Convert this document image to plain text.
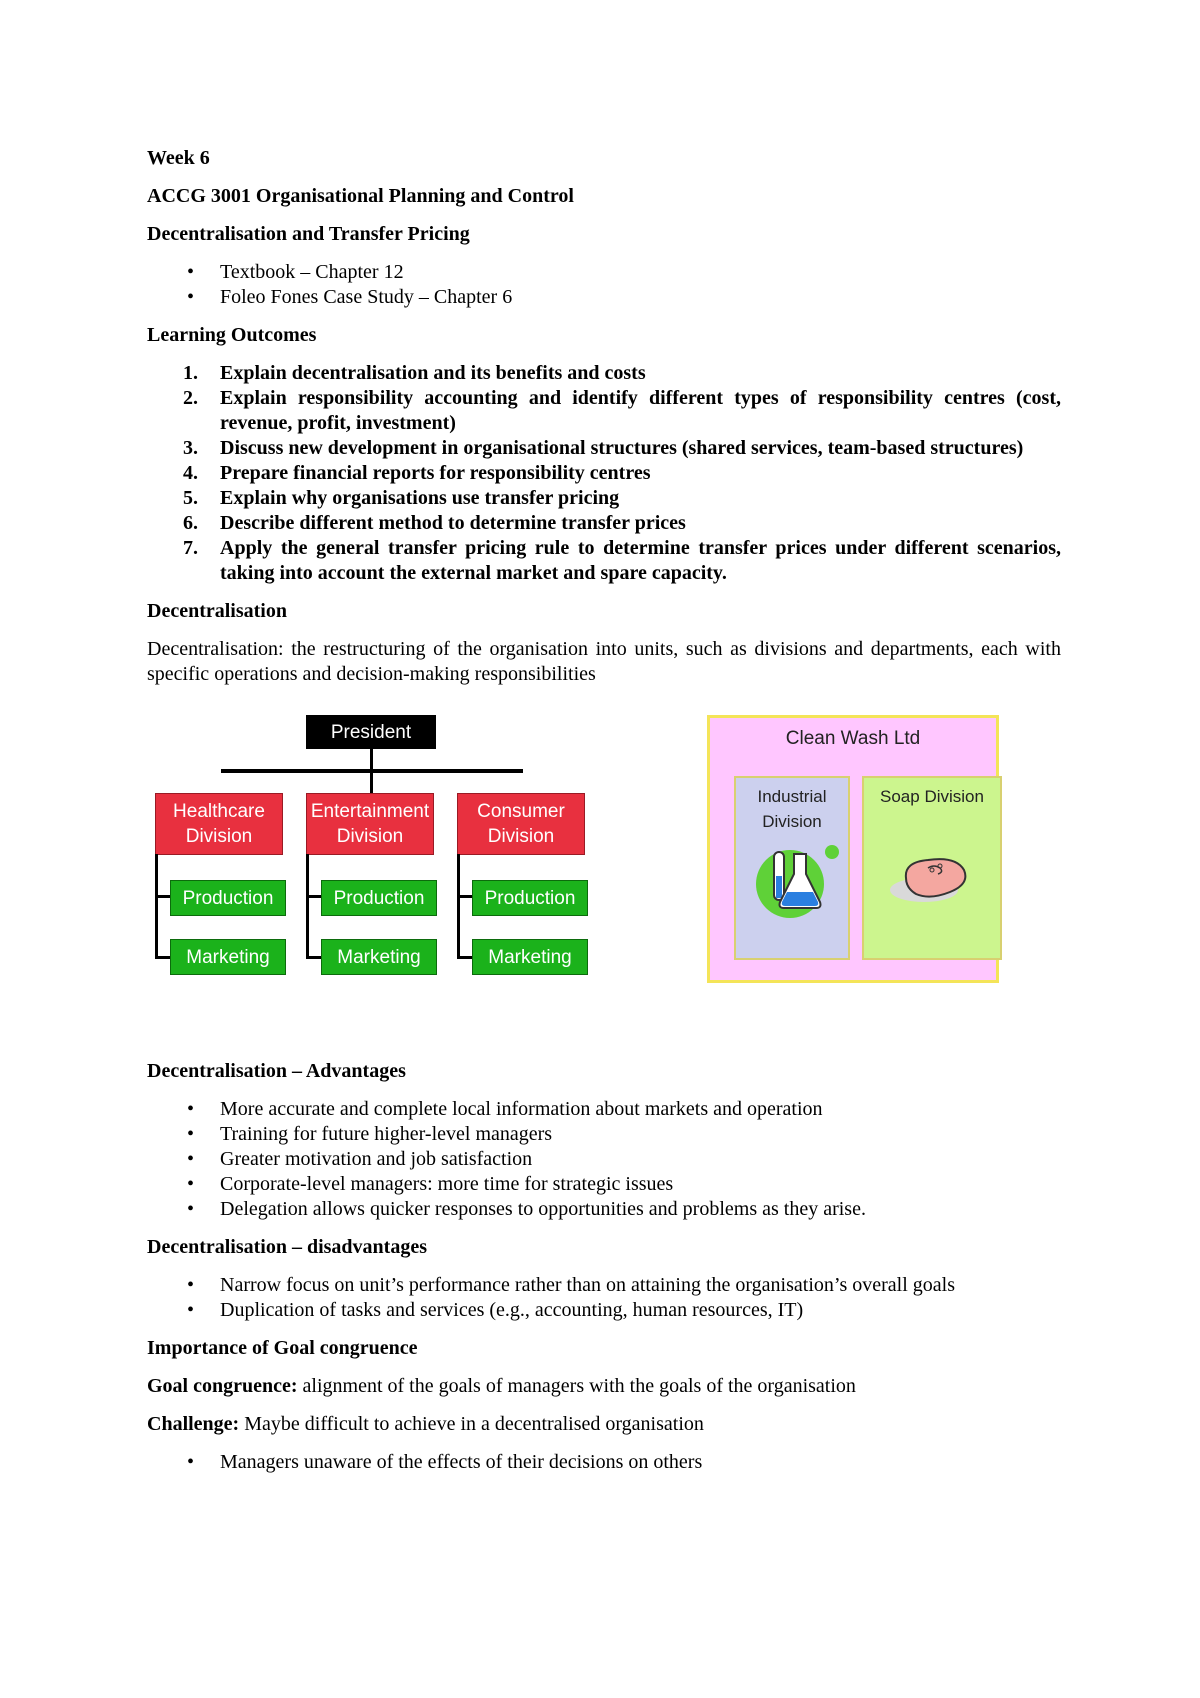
Week 6
ACCG 3001 Organisational Planning and Control
Decentralisation and Transfer Pricing
• Textbook – Chapter 12
• Foleo Fones Case Study – Chapter 6
Learning Outcomes
1. Explain decentralisation and its benefits and costs
2. Explain responsibility accounting and identify different types of responsibility centres (cost, revenue, profit, investment)
3. Discuss new development in organisational structures (shared services, team-based structures)
4. Prepare financial reports for responsibility centres
5. Explain why organisations use transfer pricing
6. Describe different method to determine transfer prices
7. Apply the general transfer pricing rule to determine transfer prices under different scenarios, taking into account the external market and spare capacity.
Decentralisation
Decentralisation: the restructuring of the organisation into units, such as divisions and departments, each with specific operations and decision-making responsibilities
President
Healthcare
Division
Entertainment
Division
Consumer
Division
Production
Marketing
Production
Marketing
Production
Marketing
Clean Wash Ltd
Industrial Division
Soap Division
Decentralisation – Advantages
• More accurate and complete local information about markets and operation
• Training for future higher-level managers
• Greater motivation and job satisfaction
• Corporate-level managers: more time for strategic issues
• Delegation allows quicker responses to opportunities and problems as they arise.
Decentralisation – disadvantages
• Narrow focus on unit’s performance rather than on attaining the organisation’s overall goals
• Duplication of tasks and services (e.g., accounting, human resources, IT)
Importance of Goal congruence
Goal congruence: alignment of the goals of managers with the goals of the organisation
Challenge: Maybe difficult to achieve in a decentralised organisation
• Managers unaware of the effects of their decisions on others
